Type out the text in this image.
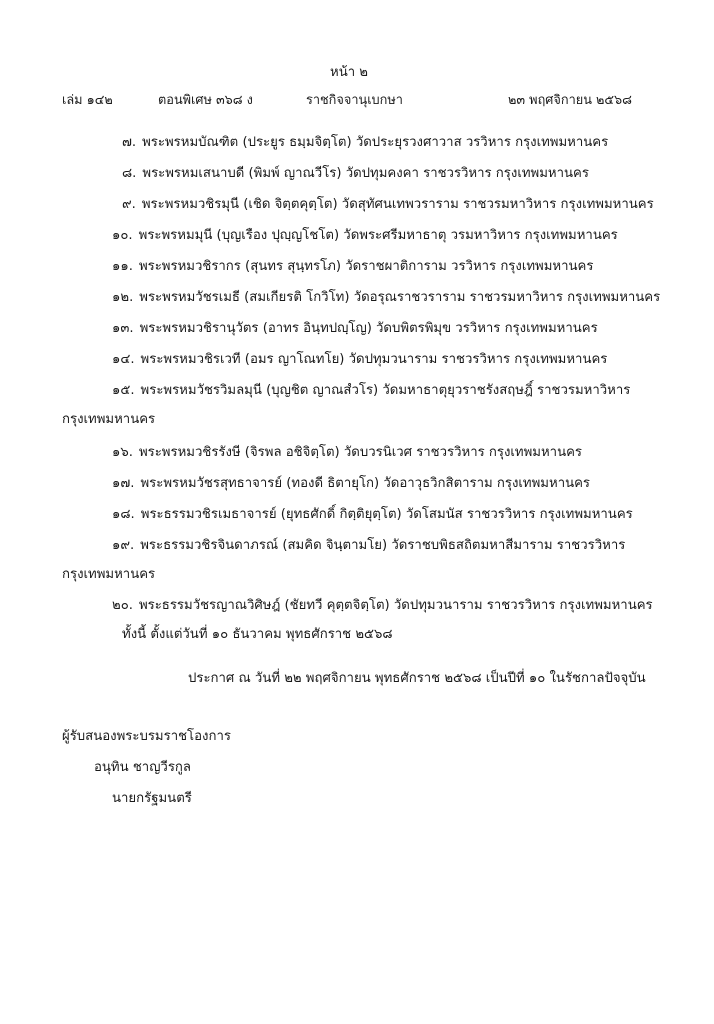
หน้า ๒
เล่ม ๑๔๒	ตอนพิเศษ ๓๖๘ ง	ราชกิจจานุเบกษา	๒๓ พฤศจิกายน ๒๕๖๘
๗. พระพรหมบัณฑิต (ประยูร ธมฺมจิตฺโต) วัดประยุรวงศาวาส วรวิหาร กรุงเทพมหานคร
๘. พระพรหมเสนาบดี (พิมพ์ ญาณวีโร) วัดปทุมคงคา ราชวรวิหาร กรุงเทพมหานคร
๙. พระพรหมวชิรมุนี (เชิด จิตฺตคุตฺโต) วัดสุทัศนเทพวราราม ราชวรมหาวิหาร กรุงเทพมหานคร
๑๐. พระพรหมมุนี (บุญเรือง ปุญฺญโชโต) วัดพระศรีมหาธาตุ วรมหาวิหาร กรุงเทพมหานคร
๑๑. พระพรหมวชิรากร (สุนทร สุนฺทรโภ) วัดราชผาติการาม วรวิหาร กรุงเทพมหานคร
๑๒. พระพรหมวัชรเมธี (สมเกียรติ โกวิโท) วัดอรุณราชวราราม ราชวรมหาวิหาร กรุงเทพมหานคร
๑๓. พระพรหมวชิรานุวัตร (อาทร อินฺทปญฺโญ) วัดบพิตรพิมุข วรวิหาร กรุงเทพมหานคร
๑๔. พระพรหมวชิรเวที (อมร ญาโณทโย) วัดปทุมวนาราม ราชวรวิหาร กรุงเทพมหานคร
๑๕. พระพรหมวัชรวิมลมุนี (บุญชิต ญาณสํวโร) วัดมหาธาตุยุวราชรังสฤษฎิ์ ราชวรมหาวิหาร
กรุงเทพมหานคร
๑๖. พระพรหมวชิรรังษี (จิรพล อชิจิตฺโต) วัดบวรนิเวศ ราชวรวิหาร กรุงเทพมหานคร
๑๗. พระพรหมวัชรสุทธาจารย์ (ทองดี ธิตายุโก) วัดอาวุธวิกสิตาราม กรุงเทพมหานคร
๑๘. พระธรรมวชิรเมธาจารย์ (ยุทธศักดิ์ กิตฺติยุตฺโต) วัดโสมนัส ราชวรวิหาร กรุงเทพมหานคร
๑๙. พระธรรมวชิรจินดาภรณ์ (สมคิด จินฺตามโย) วัดราชบพิธสถิตมหาสีมาราม ราชวรวิหาร
กรุงเทพมหานคร
๒๐. พระธรรมวัชรญาณวิศิษฎ์ (ชัยทวี คุตฺตจิตฺโต) วัดปทุมวนาราม ราชวรวิหาร กรุงเทพมหานคร
ทั้งนี้ ตั้งแต่วันที่ ๑๐ ธันวาคม พุทธศักราช ๒๕๖๘
ประกาศ ณ วันที่ ๒๒ พฤศจิกายน พุทธศักราช ๒๕๖๘ เป็นปีที่ ๑๐ ในรัชกาลปัจจุบัน
ผู้รับสนองพระบรมราชโองการ
อนุทิน ชาญวีรกูล
นายกรัฐมนตรี
